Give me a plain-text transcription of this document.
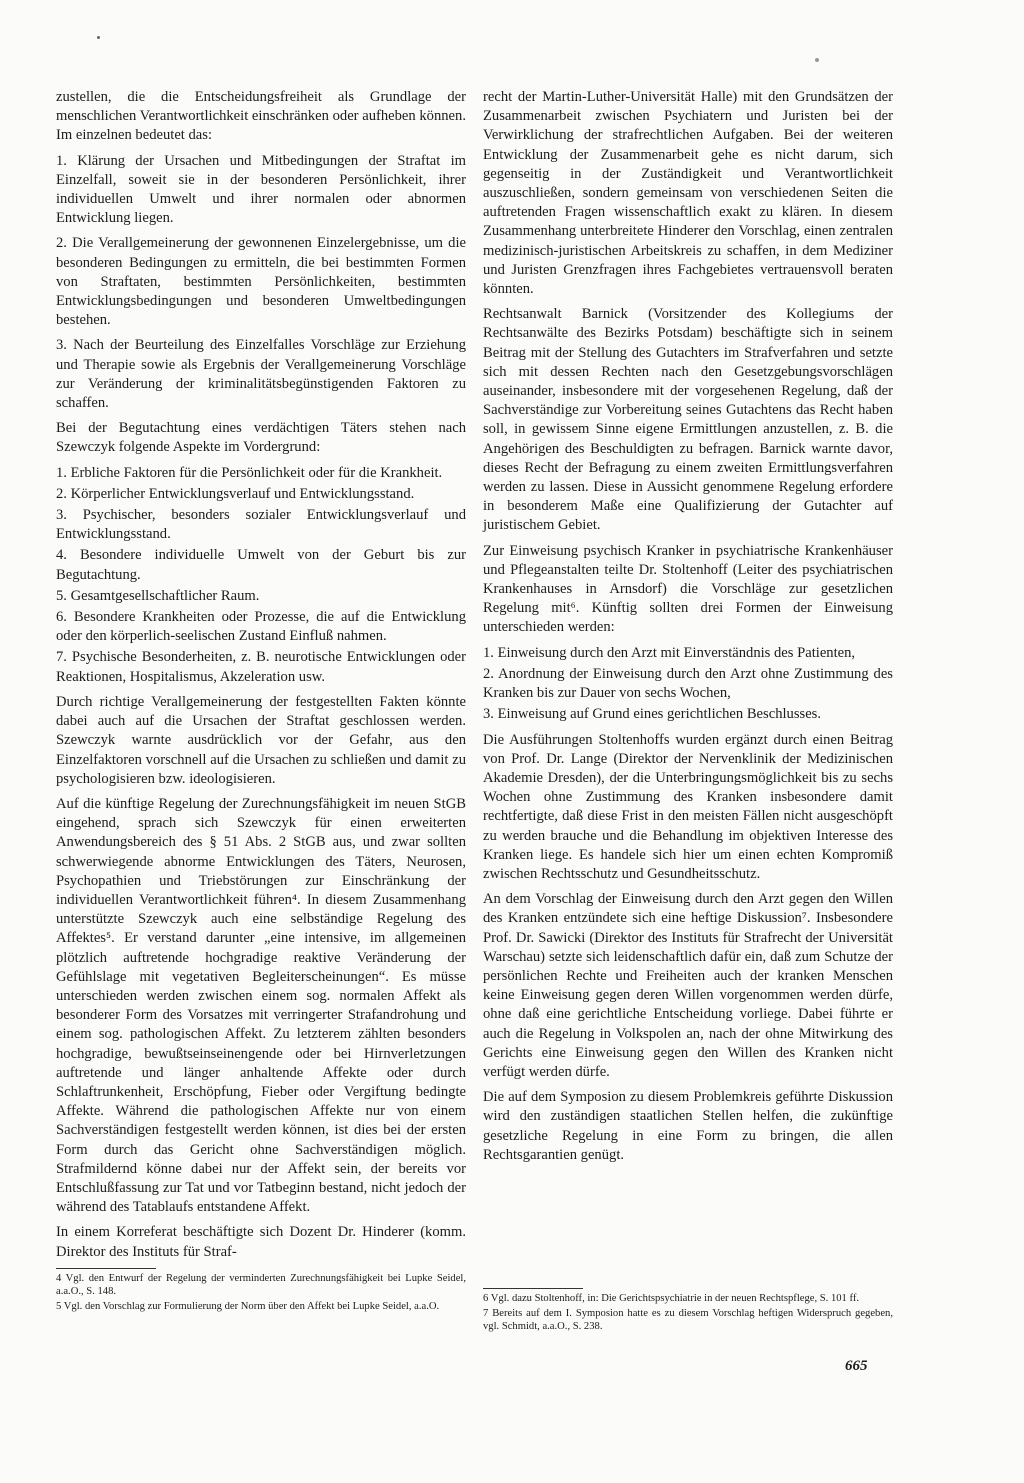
zustellen, die die Entscheidungsfreiheit als Grundlage der menschlichen Verantwortlichkeit einschränken oder aufheben können. Im einzelnen bedeutet das:

1. Klärung der Ursachen und Mitbedingungen der Straftat im Einzelfall, soweit sie in der besonderen Persönlichkeit, ihrer individuellen Umwelt und ihrer normalen oder abnormen Entwicklung liegen.

2. Die Verallgemeinerung der gewonnenen Einzelergebnisse, um die besonderen Bedingungen zu ermitteln, die bei bestimmten Formen von Straftaten, bestimmten Persönlichkeiten, bestimmten Entwicklungsbedingungen und besonderen Umweltbedingungen bestehen.

3. Nach der Beurteilung des Einzelfalles Vorschläge zur Erziehung und Therapie sowie als Ergebnis der Verallgemeinerung Vorschläge zur Veränderung der kriminalitätsbegünstigenden Faktoren zu schaffen.

Bei der Begutachtung eines verdächtigen Täters stehen nach Szewczyk folgende Aspekte im Vordergrund:

1. Erbliche Faktoren für die Persönlichkeit oder für die Krankheit.

2. Körperlicher Entwicklungsverlauf und Entwicklungsstand.

3. Psychischer, besonders sozialer Entwicklungsverlauf und Entwicklungsstand.

4. Besondere individuelle Umwelt von der Geburt bis zur Begutachtung.

5. Gesamtgesellschaftlicher Raum.

6. Besondere Krankheiten oder Prozesse, die auf die Entwicklung oder den körperlich-seelischen Zustand Einfluß nahmen.

7. Psychische Besonderheiten, z. B. neurotische Entwicklungen oder Reaktionen, Hospitalismus, Akzeleration usw.

Durch richtige Verallgemeinerung der festgestellten Fakten könnte dabei auch auf die Ursachen der Straftat geschlossen werden. Szewczyk warnte ausdrücklich vor der Gefahr, aus den Einzelfaktoren vorschnell auf die Ursachen zu schließen und damit zu psychologisieren bzw. ideologisieren.

Auf die künftige Regelung der Zurechnungsfähigkeit im neuen StGB eingehend, sprach sich Szewczyk für einen erweiterten Anwendungsbereich des § 51 Abs. 2 StGB aus, und zwar sollten schwerwiegende abnorme Entwicklungen des Täters, Neurosen, Psychopathien und Triebstörungen zur Einschränkung der individuellen Verantwortlichkeit führen⁴. In diesem Zusammenhang unterstützte Szewczyk auch eine selbständige Regelung des Affektes⁵. Er verstand darunter „eine intensive, im allgemeinen plötzlich auftretende hochgradige reaktive Veränderung der Gefühlslage mit vegetativen Begleiterscheinungen“. Es müsse unterschieden werden zwischen einem sog. normalen Affekt als besonderer Form des Vorsatzes mit verringerter Strafandrohung und einem sog. pathologischen Affekt. Zu letzterem zählten besonders hochgradige, bewußtseinseinengende oder bei Hirnverletzungen auftretende und länger anhaltende Affekte oder durch Schlaftrunkenheit, Erschöpfung, Fieber oder Vergiftung bedingte Affekte. Während die pathologischen Affekte nur von einem Sachverständigen festgestellt werden können, ist dies bei der ersten Form durch das Gericht ohne Sachverständigen möglich. Strafmildernd könne dabei nur der Affekt sein, der bereits vor Entschlußfassung zur Tat und vor Tatbeginn bestand, nicht jedoch der während des Tatablaufs entstandene Affekt.

In einem Korreferat beschäftigte sich Dozent Dr. Hinderer (komm. Direktor des Instituts für Straf-

recht der Martin-Luther-Universität Halle) mit den Grundsätzen der Zusammenarbeit zwischen Psychiatern und Juristen bei der Verwirklichung der strafrechtlichen Aufgaben. Bei der weiteren Entwicklung der Zusammenarbeit gehe es nicht darum, sich gegenseitig in der Zuständigkeit und Verantwortlichkeit auszuschließen, sondern gemeinsam von verschiedenen Seiten die auftretenden Fragen wissenschaftlich exakt zu klären. In diesem Zusammenhang unterbreitete Hinderer den Vorschlag, einen zentralen medizinisch-juristischen Arbeitskreis zu schaffen, in dem Mediziner und Juristen Grenzfragen ihres Fachgebietes vertrauensvoll beraten könnten.

Rechtsanwalt Barnick (Vorsitzender des Kollegiums der Rechtsanwälte des Bezirks Potsdam) beschäftigte sich in seinem Beitrag mit der Stellung des Gutachters im Strafverfahren und setzte sich mit dessen Rechten nach den Gesetzgebungsvorschlägen auseinander, insbesondere mit der vorgesehenen Regelung, daß der Sachverständige zur Vorbereitung seines Gutachtens das Recht haben soll, in gewissem Sinne eigene Ermittlungen anzustellen, z. B. die Angehörigen des Beschuldigten zu befragen. Barnick warnte davor, dieses Recht der Befragung zu einem zweiten Ermittlungsverfahren werden zu lassen. Diese in Aussicht genommene Regelung erfordere in besonderem Maße eine Qualifizierung der Gutachter auf juristischem Gebiet.

Zur Einweisung psychisch Kranker in psychiatrische Krankenhäuser und Pflegeanstalten teilte Dr. Stoltenhoff (Leiter des psychiatrischen Krankenhauses in Arnsdorf) die Vorschläge zur gesetzlichen Regelung mit⁶. Künftig sollten drei Formen der Einweisung unterschieden werden:

1. Einweisung durch den Arzt mit Einverständnis des Patienten,

2. Anordnung der Einweisung durch den Arzt ohne Zustimmung des Kranken bis zur Dauer von sechs Wochen,

3. Einweisung auf Grund eines gerichtlichen Beschlusses.

Die Ausführungen Stoltenhoffs wurden ergänzt durch einen Beitrag von Prof. Dr. Lange (Direktor der Nervenklinik der Medizinischen Akademie Dresden), der die Unterbringungsmöglichkeit bis zu sechs Wochen ohne Zustimmung des Kranken insbesondere damit rechtfertigte, daß diese Frist in den meisten Fällen nicht ausgeschöpft zu werden brauche und die Behandlung im objektiven Interesse des Kranken liege. Es handele sich hier um einen echten Kompromiß zwischen Rechtsschutz und Gesundheitsschutz.

An dem Vorschlag der Einweisung durch den Arzt gegen den Willen des Kranken entzündete sich eine heftige Diskussion⁷. Insbesondere Prof. Dr. Sawicki (Direktor des Instituts für Strafrecht der Universität Warschau) setzte sich leidenschaftlich dafür ein, daß zum Schutze der persönlichen Rechte und Freiheiten auch der kranken Menschen keine Einweisung gegen deren Willen vorgenommen werden dürfe, ohne daß eine gerichtliche Entscheidung vorliege. Dabei führte er auch die Regelung in Volkspolen an, nach der ohne Mitwirkung des Gerichts eine Einweisung gegen den Willen des Kranken nicht verfügt werden dürfe.

Die auf dem Symposion zu diesem Problemkreis geführte Diskussion wird den zuständigen staatlichen Stellen helfen, die zukünftige gesetzliche Regelung in eine Form zu bringen, die allen Rechtsgarantien genügt.

4 Vgl. den Entwurf der Regelung der verminderten Zurechnungsfähigkeit bei Lupke Seidel, a.a.O., S. 148.

5 Vgl. den Vorschlag zur Formulierung der Norm über den Affekt bei Lupke Seidel, a.a.O.

6 Vgl. dazu Stoltenhoff, in: Die Gerichtspsychiatrie in der neuen Rechtspflege, S. 101 ff.

7 Bereits auf dem I. Symposion hatte es zu diesem Vorschlag heftigen Widerspruch gegeben, vgl. Schmidt, a.a.O., S. 238.

665
